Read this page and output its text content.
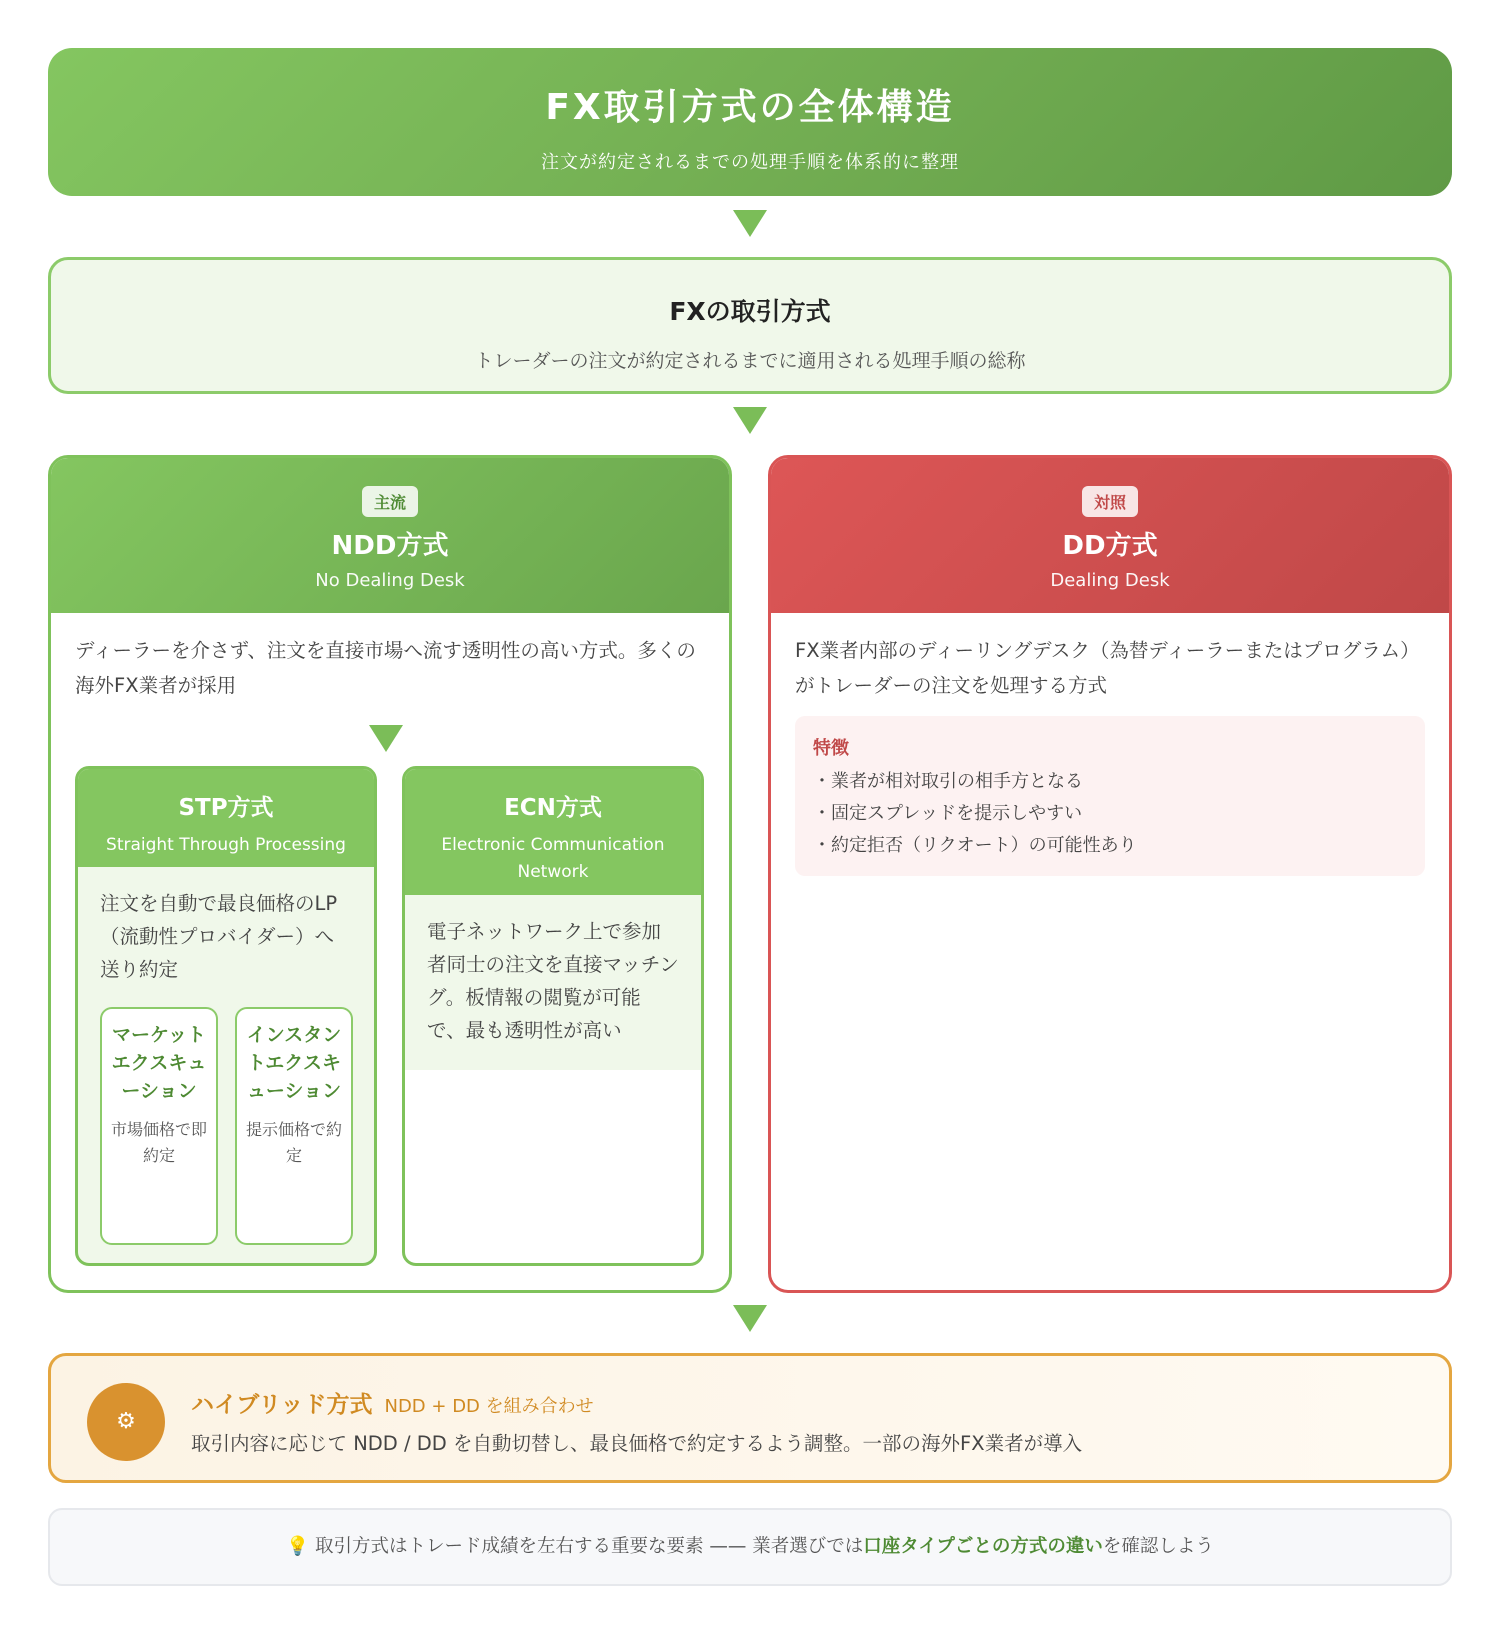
FX取引方式の全体構造
注文が約定されるまでの処理手順を体系的に整理
FXの取引方式
トレーダーの注文が約定されるまでに適用される処理手順の総称
主流
NDD方式
No Dealing Desk
ディーラーを介さず、注文を直接市場へ流す透明性の高い方式。多くの海外FX業者が採用
STP方式
Straight Through Processing
注文を自動で最良価格のLP（流動性プロバイダー）へ送り約定
マーケットエクスキューション
市場価格で即約定
インスタントエクスキューション
提示価格で約定
ECN方式
Electronic Communication Network
電子ネットワーク上で参加者同士の注文を直接マッチング。板情報の閲覧が可能で、最も透明性が高い
対照
DD方式
Dealing Desk
FX業者内部のディーリングデスク（為替ディーラーまたはプログラム）がトレーダーの注文を処理する方式
特徴
・業者が相対取引の相手方となる
・固定スプレッドを提示しやすい
・約定拒否（リクオート）の可能性あり
⚙
ハイブリッド方式 NDD + DD を組み合わせ
取引内容に応じて NDD / DD を自動切替し、最良価格で約定するよう調整。一部の海外FX業者が導入
💡 取引方式はトレード成績を左右する重要な要素 —— 業者選びでは口座タイプごとの方式の違いを確認しよう
